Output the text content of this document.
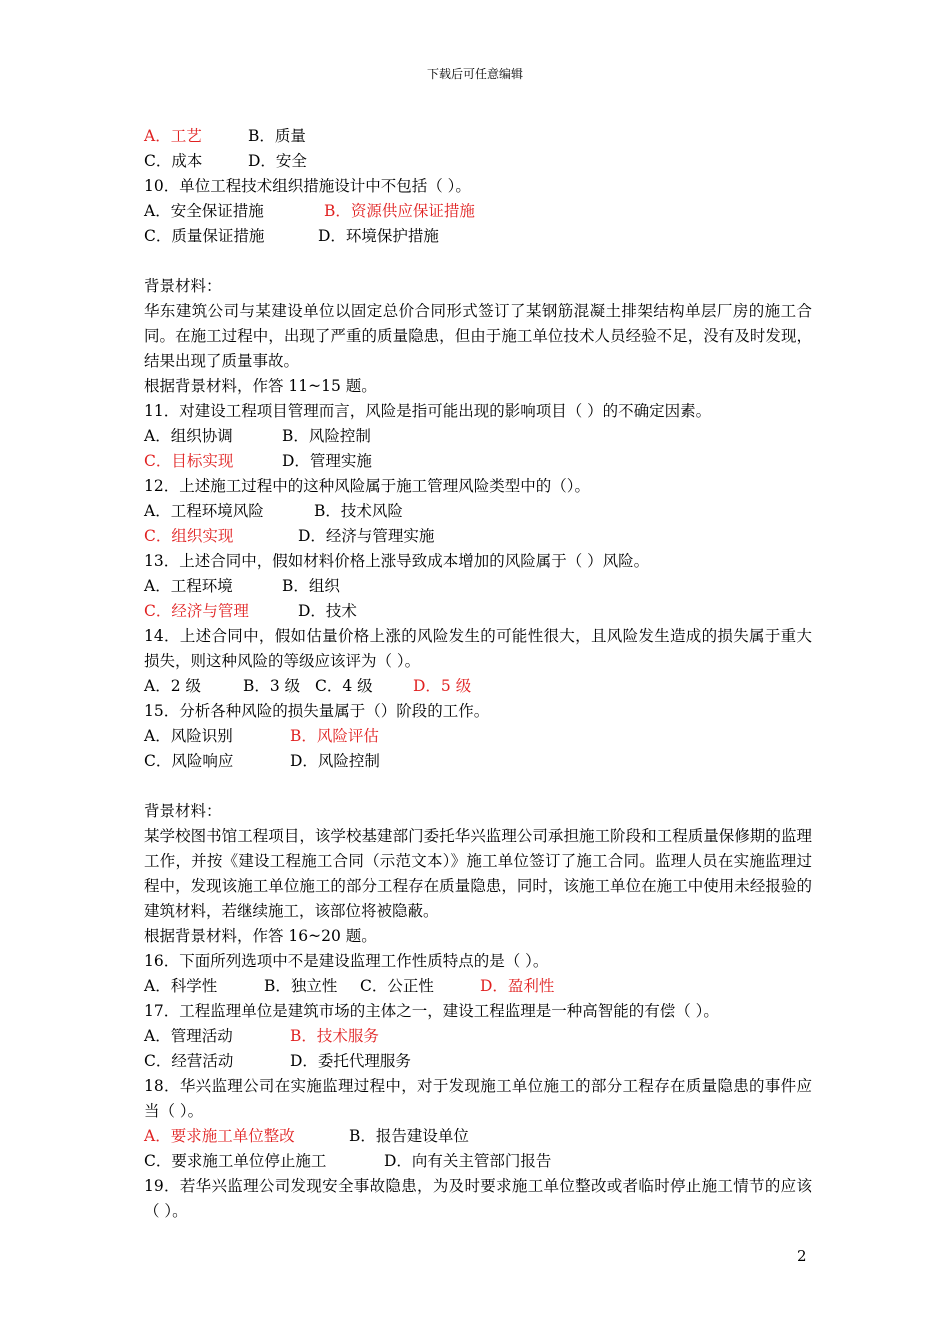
下载后可任意编辑
A．工艺	B．质量
C．成本	D．安全
10．单位工程技术组织措施设计中不包括（ ）。
A．安全保证措施	B．资源供应保证措施
C．质量保证措施	D．环境保护措施
背景材料：
华东建筑公司与某建设单位以固定总价合同形式签订了某钢筋混凝土排架结构单层厂房的施工合同。在施工过程中，出现了严重的质量隐患，但由于施工单位技术人员经验不足，没有及时发现，结果出现了质量事故。
根据背景材料，作答 11~15 题。
11．对建设工程项目管理而言，风险是指可能出现的影响项目（ ）的不确定因素。
A．组织协调	B．风险控制
C．目标实现	D．管理实施
12．上述施工过程中的这种风险属于施工管理风险类型中的（）。
A．工程环境风险	B．技术风险
C．组织实现	D．经济与管理实施
13．上述合同中，假如材料价格上涨导致成本增加的风险属于（ ）风险。
A．工程环境	B．组织
C．经济与管理	D．技术
14．上述合同中，假如估量价格上涨的风险发生的可能性很大，且风险发生造成的损失属于重大损失，则这种风险的等级应该评为（ ）。
A．2 级	B．3 级 C．4 级	D．5 级
15．分析各种风险的损失量属于（）阶段的工作。
A．风险识别	B．风险评估
C．风险响应	D．风险控制
背景材料：
某学校图书馆工程项目，该学校基建部门委托华兴监理公司承担施工阶段和工程质量保修期的监理工作，并按《建设工程施工合同（示范文本）》施工单位签订了施工合同。监理人员在实施监理过程中，发现该施工单位施工的部分工程存在质量隐患，同时，该施工单位在施工中使用未经报验的建筑材料，若继续施工，该部位将被隐蔽。
根据背景材料，作答 16~20 题。
16．下面所列选项中不是建设监理工作性质特点的是（ ）。
A．科学性	B．独立性 C．公正性	D．盈利性
17．工程监理单位是建筑市场的主体之一，建设工程监理是一种高智能的有偿（ ）。
A．管理活动	B．技术服务
C．经营活动	D．委托代理服务
18．华兴监理公司在实施监理过程中，对于发现施工单位施工的部分工程存在质量隐患的事件应当（ ）。
A．要求施工单位整改	B．报告建设单位
C．要求施工单位停止施工	D．向有关主管部门报告
19．若华兴监理公司发现安全事故隐患，为及时要求施工单位整改或者临时停止施工情节的应该（ ）。
2
